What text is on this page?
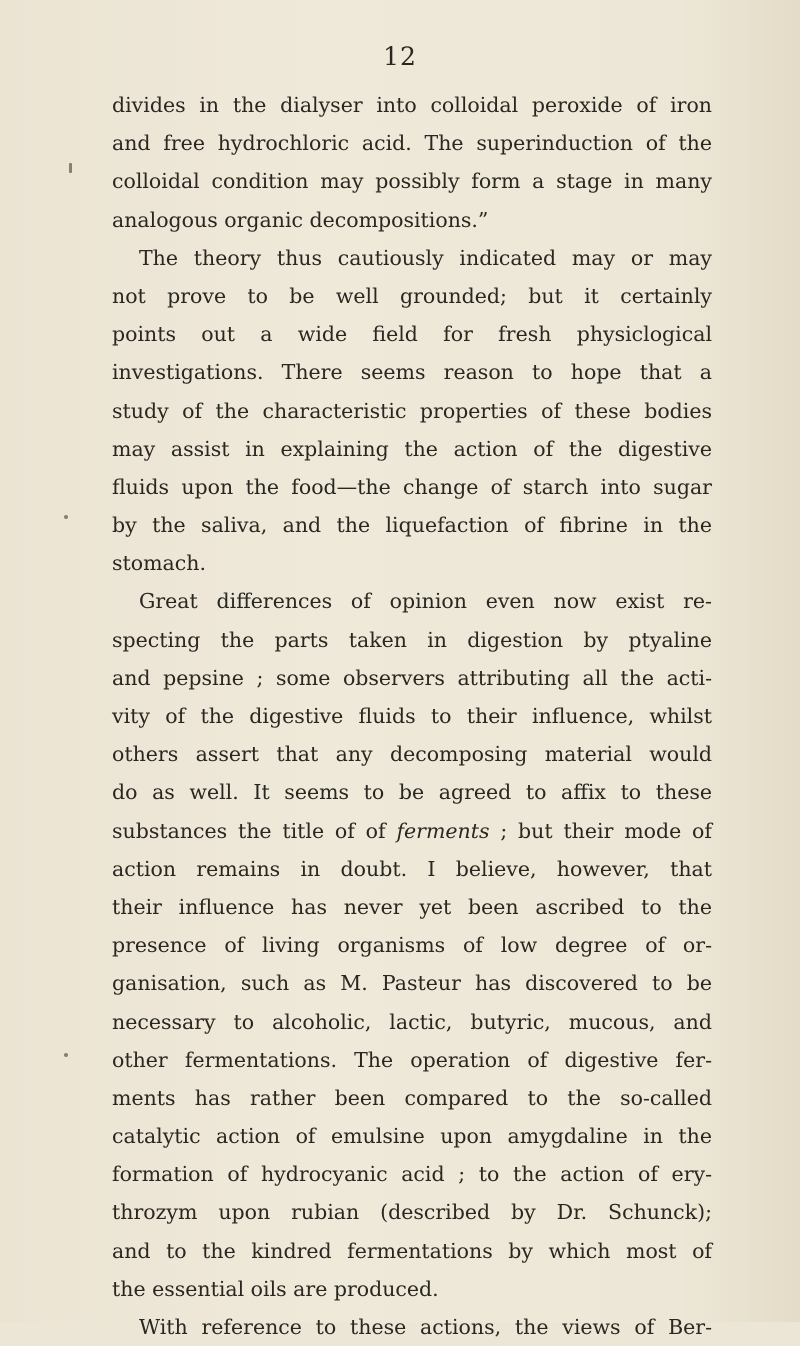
12
divides in the dialyser into colloidal peroxide of iron
and free hydrochloric acid. The superinduction of the
colloidal condition may possibly form a stage in many
analogous organic decompositions.”
The theory thus cautiously indicated may or may
not prove to be well grounded; but it certainly
points out a wide field for fresh physiclogical
investigations. There seems reason to hope that a
study of the characteristic properties of these bodies
may assist in explaining the action of the digestive
fluids upon the food—the change of starch into sugar
by the saliva, and the liquefaction of fibrine in the
stomach.
Great differences of opinion even now exist re-
specting the parts taken in digestion by ptyaline
and pepsine ; some observers attributing all the acti-
vity of the digestive fluids to their influence, whilst
others assert that any decomposing material would
do as well. It seems to be agreed to affix to these
substances the title of of ferments ; but their mode of
action remains in doubt. I believe, however, that
their influence has never yet been ascribed to the
presence of living organisms of low degree of or-
ganisation, such as M. Pasteur has discovered to be
necessary to alcoholic, lactic, butyric, mucous, and
other fermentations. The operation of digestive fer-
ments has rather been compared to the so-called
catalytic action of emulsine upon amygdaline in the
formation of hydrocyanic acid ; to the action of ery-
throzym upon rubian (described by Dr. Schunck);
and to the kindred fermentations by which most of
the essential oils are produced.
With reference to these actions, the views of Ber-
